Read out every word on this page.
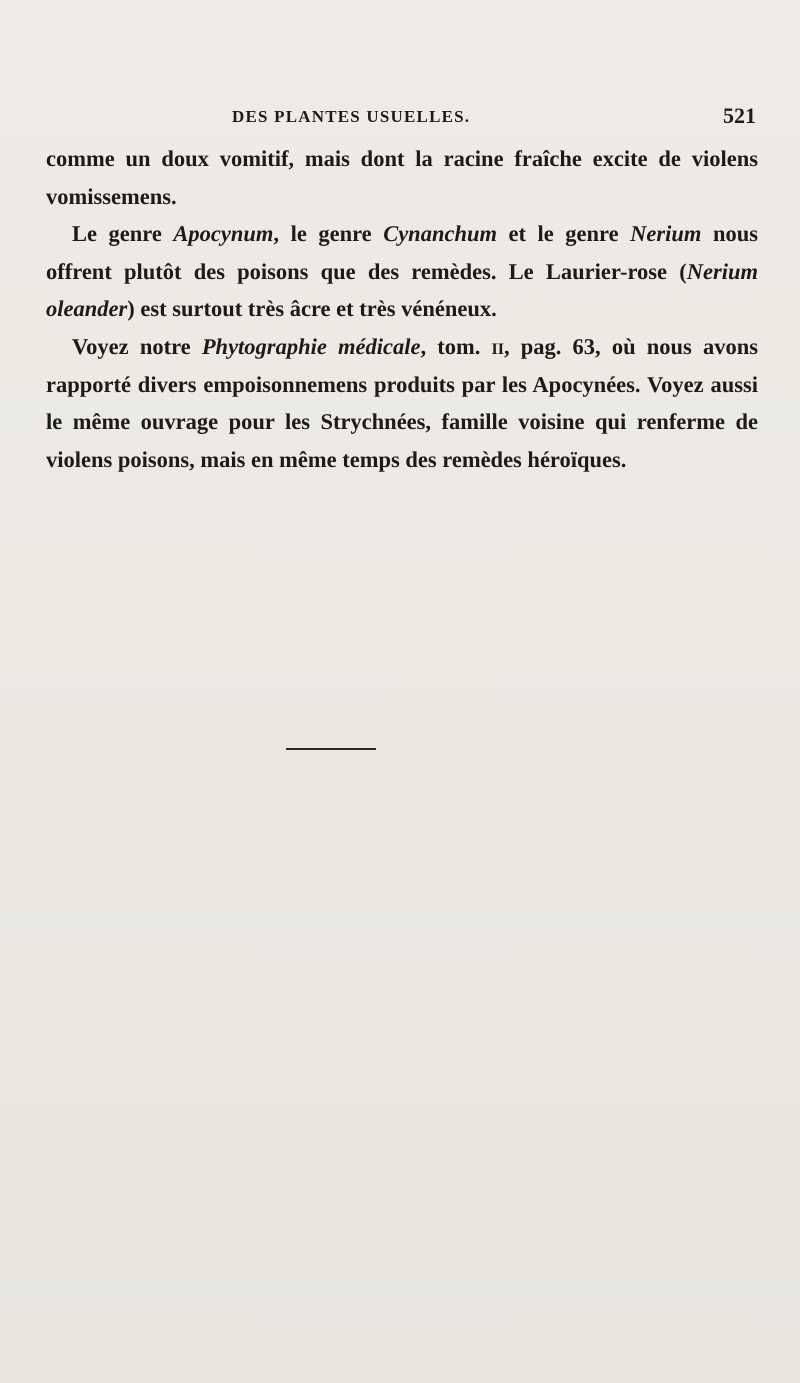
DES PLANTES USUELLES.	521

comme un doux vomitif, mais dont la racine fraîche excite de violens vomissemens.

Le genre Apocynum, le genre Cynanchum et le genre Nerium nous offrent plutôt des poisons que des remèdes. Le Laurier-rose (Nerium oleander) est surtout très âcre et très vénéneux.

Voyez notre Phytographie médicale, tom. ii, pag. 63, où nous avons rapporté divers empoisonnemens produits par les Apocynées. Voyez aussi le même ouvrage pour les Strychnées, famille voisine qui renferme de violens poisons, mais en même temps des remèdes héroïques.
